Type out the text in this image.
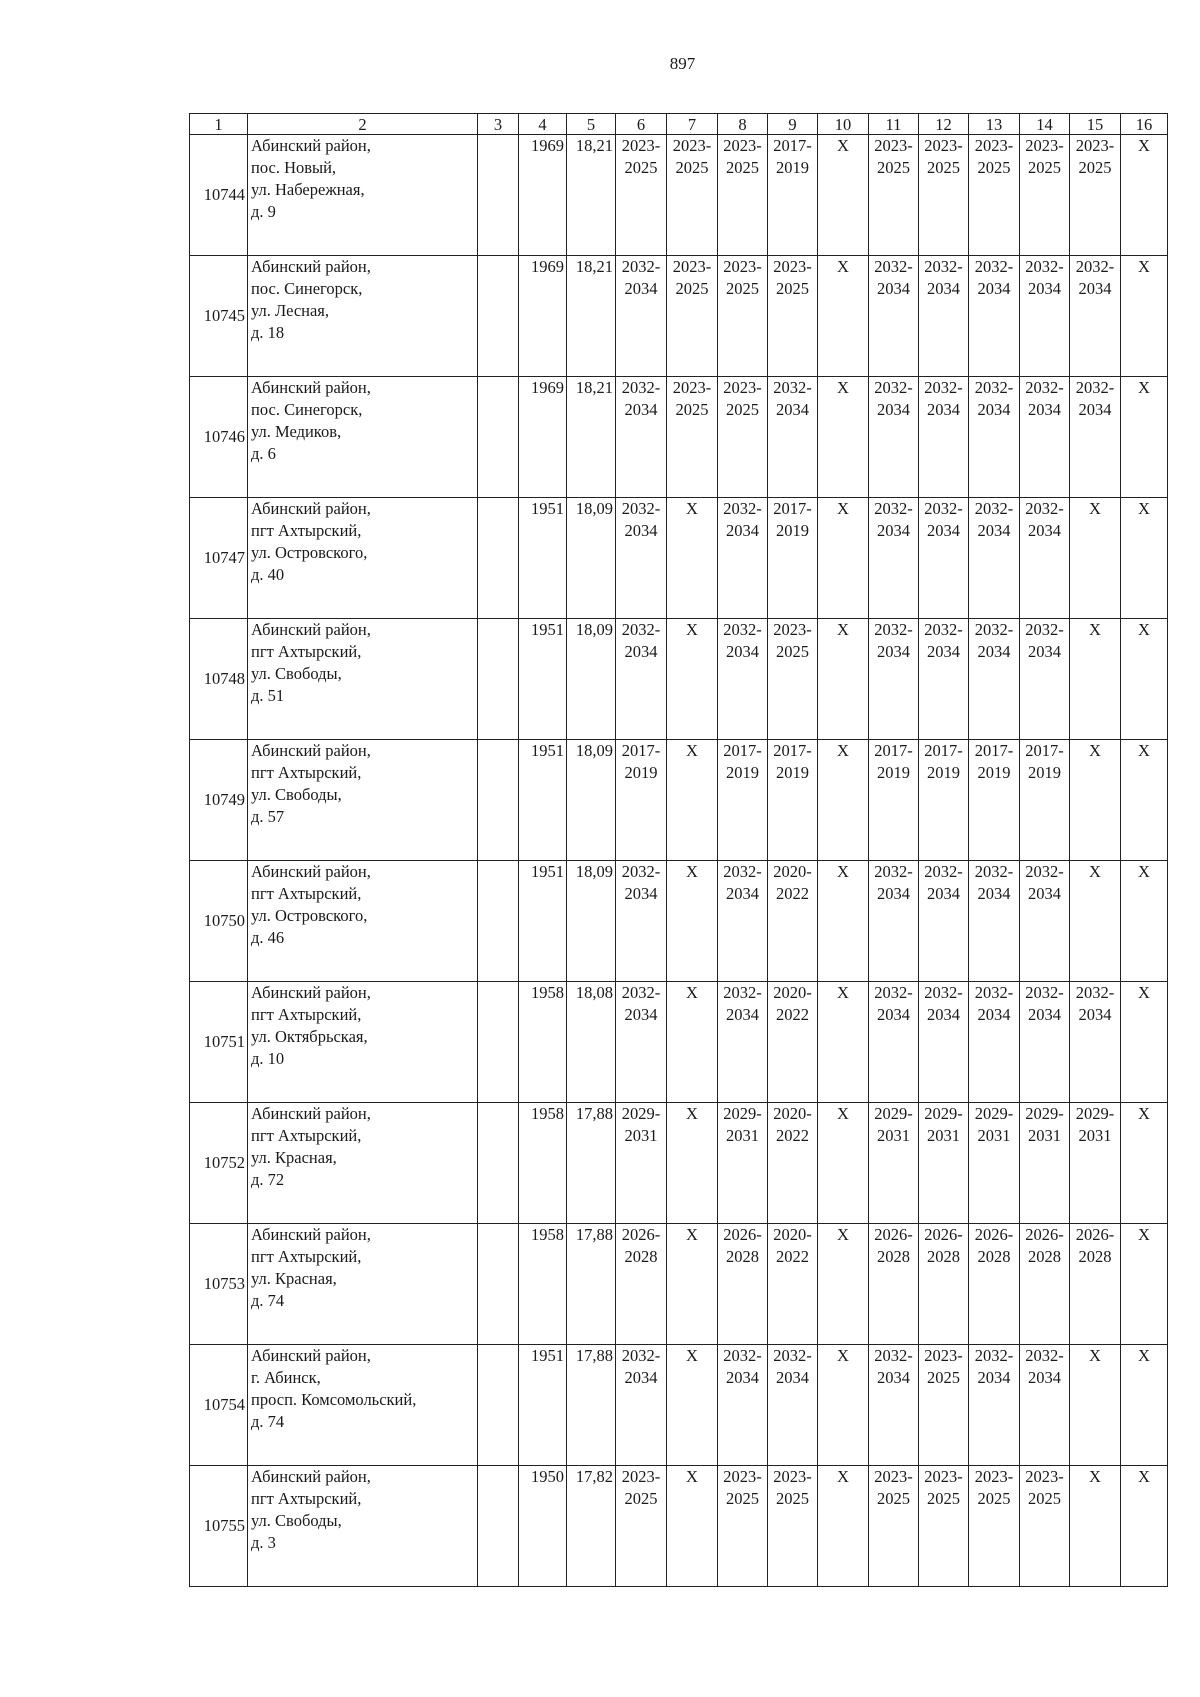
897
1	2	3	4	5	6	7	8	9	10	11	12	13	14	15	16
10744	Абинский район,
пос. Новый,
ул. Набережная,
д. 9		1969	18,21	2023-
2025	2023-
2025	2023-
2025	2017-
2019	X	2023-
2025	2023-
2025	2023-
2025	2023-
2025	2023-
2025	X

10745	Абинский район,
пос. Синегорск,
ул. Лесная,
д. 18		1969	18,21	2032-
2034	2023-
2025	2023-
2025	2023-
2025	X	2032-
2034	2032-
2034	2032-
2034	2032-
2034	2032-
2034	X

10746	Абинский район,
пос. Синегорск,
ул. Медиков,
д. 6		1969	18,21	2032-
2034	2023-
2025	2023-
2025	2032-
2034	X	2032-
2034	2032-
2034	2032-
2034	2032-
2034	2032-
2034	X

10747	Абинский район,
пгт Ахтырский,
ул. Островского,
д. 40		1951	18,09	2032-
2034	X	2032-
2034	2017-
2019	X	2032-
2034	2032-
2034	2032-
2034	2032-
2034	X	X

10748	Абинский район,
пгт Ахтырский,
ул. Свободы,
д. 51		1951	18,09	2032-
2034	X	2032-
2034	2023-
2025	X	2032-
2034	2032-
2034	2032-
2034	2032-
2034	X	X

10749	Абинский район,
пгт Ахтырский,
ул. Свободы,
д. 57		1951	18,09	2017-
2019	X	2017-
2019	2017-
2019	X	2017-
2019	2017-
2019	2017-
2019	2017-
2019	X	X

10750	Абинский район,
пгт Ахтырский,
ул. Островского,
д. 46		1951	18,09	2032-
2034	X	2032-
2034	2020-
2022	X	2032-
2034	2032-
2034	2032-
2034	2032-
2034	X	X

10751	Абинский район,
пгт Ахтырский,
ул. Октябрьская,
д. 10		1958	18,08	2032-
2034	X	2032-
2034	2020-
2022	X	2032-
2034	2032-
2034	2032-
2034	2032-
2034	2032-
2034	X

10752	Абинский район,
пгт Ахтырский,
ул. Красная,
д. 72		1958	17,88	2029-
2031	X	2029-
2031	2020-
2022	X	2029-
2031	2029-
2031	2029-
2031	2029-
2031	2029-
2031	X

10753	Абинский район,
пгт Ахтырский,
ул. Красная,
д. 74		1958	17,88	2026-
2028	X	2026-
2028	2020-
2022	X	2026-
2028	2026-
2028	2026-
2028	2026-
2028	2026-
2028	X

10754	Абинский район,
г. Абинск,
просп. Комсомольский,
д. 74		1951	17,88	2032-
2034	X	2032-
2034	2032-
2034	X	2032-
2034	2023-
2025	2032-
2034	2032-
2034	X	X

10755	Абинский район,
пгт Ахтырский,
ул. Свободы,
д. 3		1950	17,82	2023-
2025	X	2023-
2025	2023-
2025	X	2023-
2025	2023-
2025	2023-
2025	2023-
2025	X	X
